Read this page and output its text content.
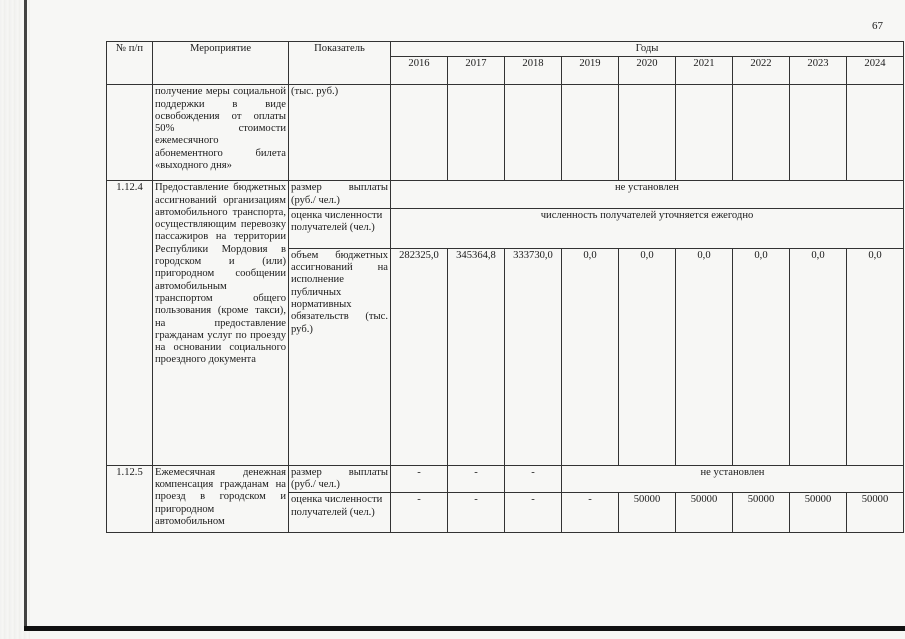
67
№ п/п	Мероприятие	Показатель	Годы								
			2016	2017	2018	2019	2020	2021	2022	2023	2024
	получение меры социальной поддержки в виде освобождения от оплаты 50% стоимости ежемесячного абонементного билета «выходного дня»	(тыс. руб.)									
1.12.4	Предоставление бюджетных ассигнований организациям автомобильного транспорта, осуществляющим перевозку пассажиров на территории Республики Мордовия в городском и (или) пригородном сообщении автомобильным транспортом общего пользования (кроме такси), на предоставление гражданам услуг по проезду на основании социального проездного документа	размер выплаты (руб./ чел.)	не установлен								
		оценка численности получателей (чел.)	численность получателей уточняется ежегодно								
		объем бюджетных ассигнований на исполнение публичных нормативных обязательств (тыс. руб.)	282325,0	345364,8	333730,0	0,0	0,0	0,0	0,0	0,0	0,0
1.12.5	Ежемесячная денежная компенсация гражданам на проезд в городском и пригородном автомобильном	размер выплаты (руб./ чел.)	-	-	-	не установлен					
		оценка численности получателей (чел.)	-	-	-	-	50000	50000	50000	50000	50000
